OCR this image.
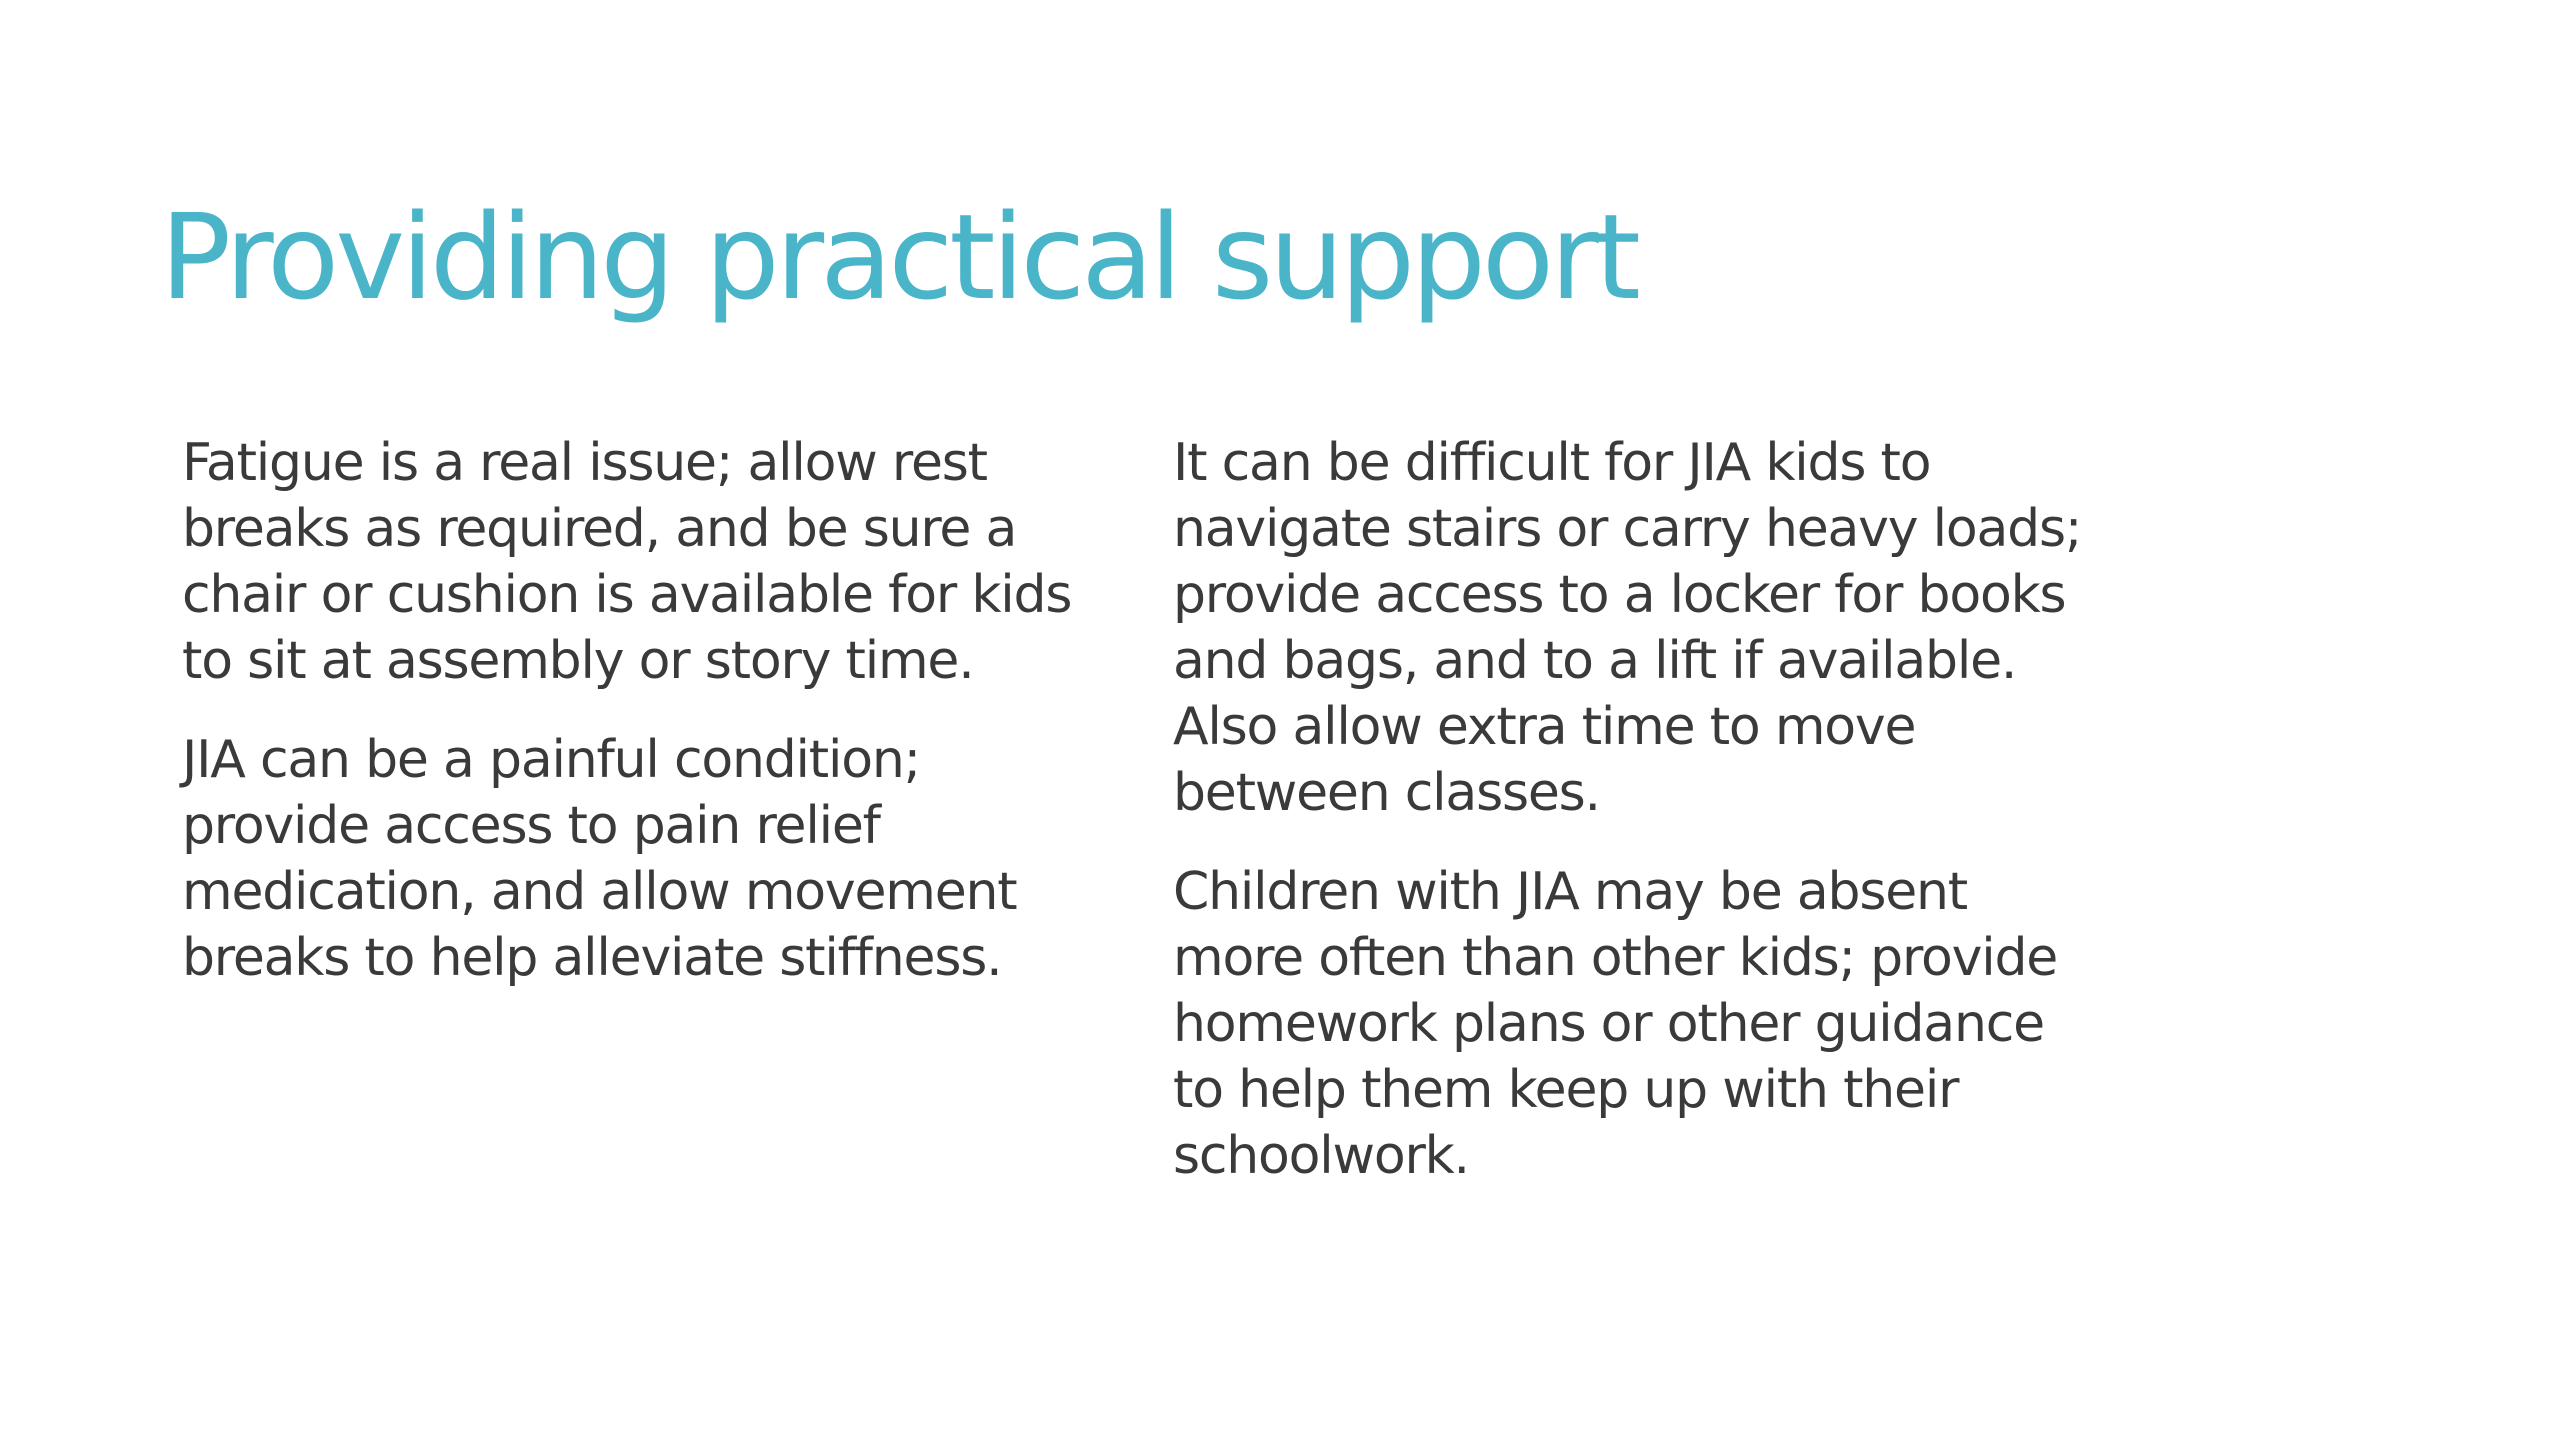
Providing practical support

Fatigue is a real issue; allow rest breaks as required, and be sure a chair or cushion is available for kids to sit at assembly or story time.

JIA can be a painful condition; provide access to pain relief medication, and allow movement breaks to help alleviate stiffness.

It can be difficult for JIA kids to navigate stairs or carry heavy loads; provide access to a locker for books and bags, and to a lift if available. Also allow extra time to move between classes.

Children with JIA may be absent more often than other kids; provide homework plans or other guidance to help them keep up with their schoolwork.
